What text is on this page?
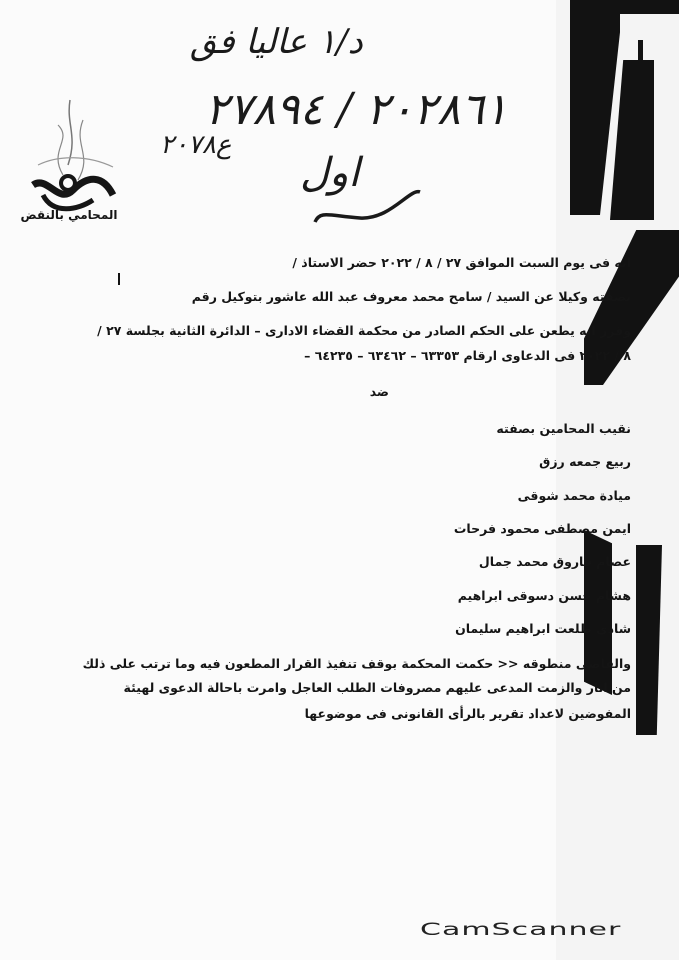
د/١ عاليا فق
٢٠٢٨٦١ / ٢٧٨٩٤
ع٢٠٧٨
اول
المحامي بالنقض
انه فى يوم السبت الموافق ٢٧ / ٨ / ٢٠٢٢ حضر الاستاذ /
بصفته وكيلا عن السيد / سامح محمد معروف عبد الله عاشور بتوكيل رقم
وقرر انه يطعن على الحكم الصادر من محكمة القضاء الادارى – الدائرة الثانية بجلسة ٢٧ /
٨ / ٢٠٢٢ فى الدعاوى ارقام ٦٣٣٥٣ – ٦٣٤٦٢ – ٦٤٢٣٥ –
ضد
نقيب المحامين بصفته
ربيع جمعه رزق
ميادة محمد شوقى
ايمن مصطفى محمود فرحات
عصام فاروق محمد جمال
هشام حسن دسوقى ابراهيم
شادى طلعت ابراهيم سليمان
والقاضى منطوقه << حكمت المحكمة بوقف تنفيذ القرار المطعون فيه وما ترتب على ذلك
من اثار والزمت المدعى عليهم مصروفات الطلب العاجل وامرت باحالة الدعوى لهيئة
المفوضين لاعداد تقرير بالرأى القانونى فى موضوعها
CamScanner
